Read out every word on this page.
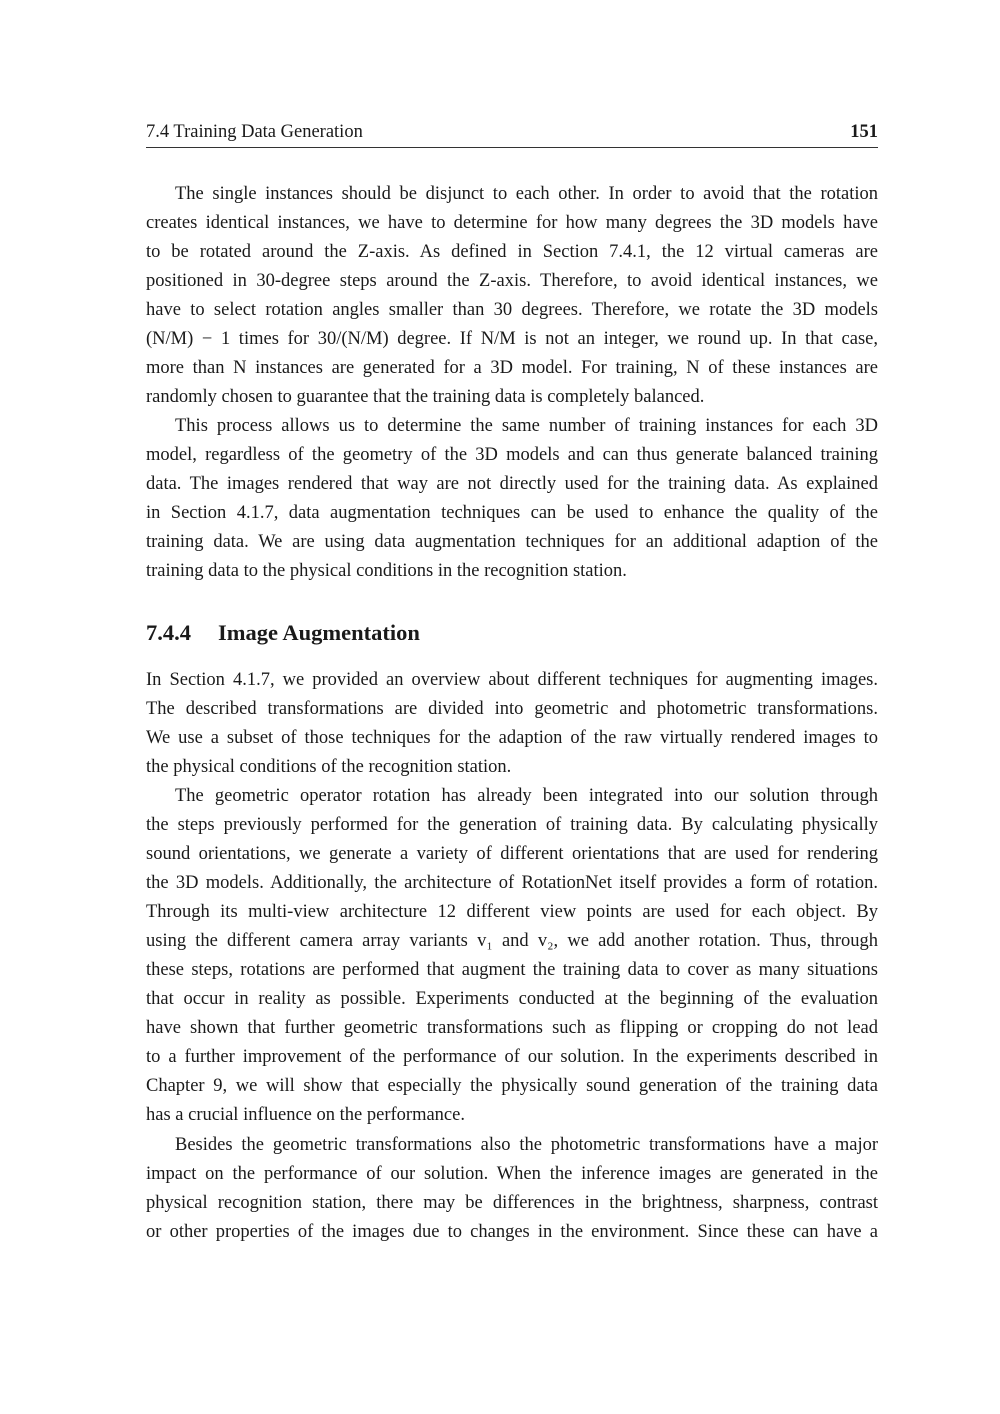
7.4 Training Data Generation	151
The single instances should be disjunct to each other. In order to avoid that the rotation
creates identical instances, we have to determine for how many degrees the 3D models have
to be rotated around the Z-axis. As defined in Section 7.4.1, the 12 virtual cameras are
positioned in 30-degree steps around the Z-axis. Therefore, to avoid identical instances, we
have to select rotation angles smaller than 30 degrees. Therefore, we rotate the 3D models
(N/M) − 1 times for 30/(N/M) degree. If N/M is not an integer, we round up. In that case,
more than N instances are generated for a 3D model. For training, N of these instances are
randomly chosen to guarantee that the training data is completely balanced.
This process allows us to determine the same number of training instances for each 3D
model, regardless of the geometry of the 3D models and can thus generate balanced training
data. The images rendered that way are not directly used for the training data. As explained
in Section 4.1.7, data augmentation techniques can be used to enhance the quality of the
training data. We are using data augmentation techniques for an additional adaption of the
training data to the physical conditions in the recognition station.
7.4.4 Image Augmentation
In Section 4.1.7, we provided an overview about different techniques for augmenting images.
The described transformations are divided into geometric and photometric transformations.
We use a subset of those techniques for the adaption of the raw virtually rendered images to
the physical conditions of the recognition station.
The geometric operator rotation has already been integrated into our solution through
the steps previously performed for the generation of training data. By calculating physically
sound orientations, we generate a variety of different orientations that are used for rendering
the 3D models. Additionally, the architecture of RotationNet itself provides a form of rotation.
Through its multi-view architecture 12 different view points are used for each object. By
using the different camera array variants v₁ and v₂, we add another rotation. Thus, through
these steps, rotations are performed that augment the training data to cover as many situations
that occur in reality as possible. Experiments conducted at the beginning of the evaluation
have shown that further geometric transformations such as flipping or cropping do not lead
to a further improvement of the performance of our solution. In the experiments described in
Chapter 9, we will show that especially the physically sound generation of the training data
has a crucial influence on the performance.
Besides the geometric transformations also the photometric transformations have a major
impact on the performance of our solution. When the inference images are generated in the
physical recognition station, there may be differences in the brightness, sharpness, contrast
or other properties of the images due to changes in the environment. Since these can have a
